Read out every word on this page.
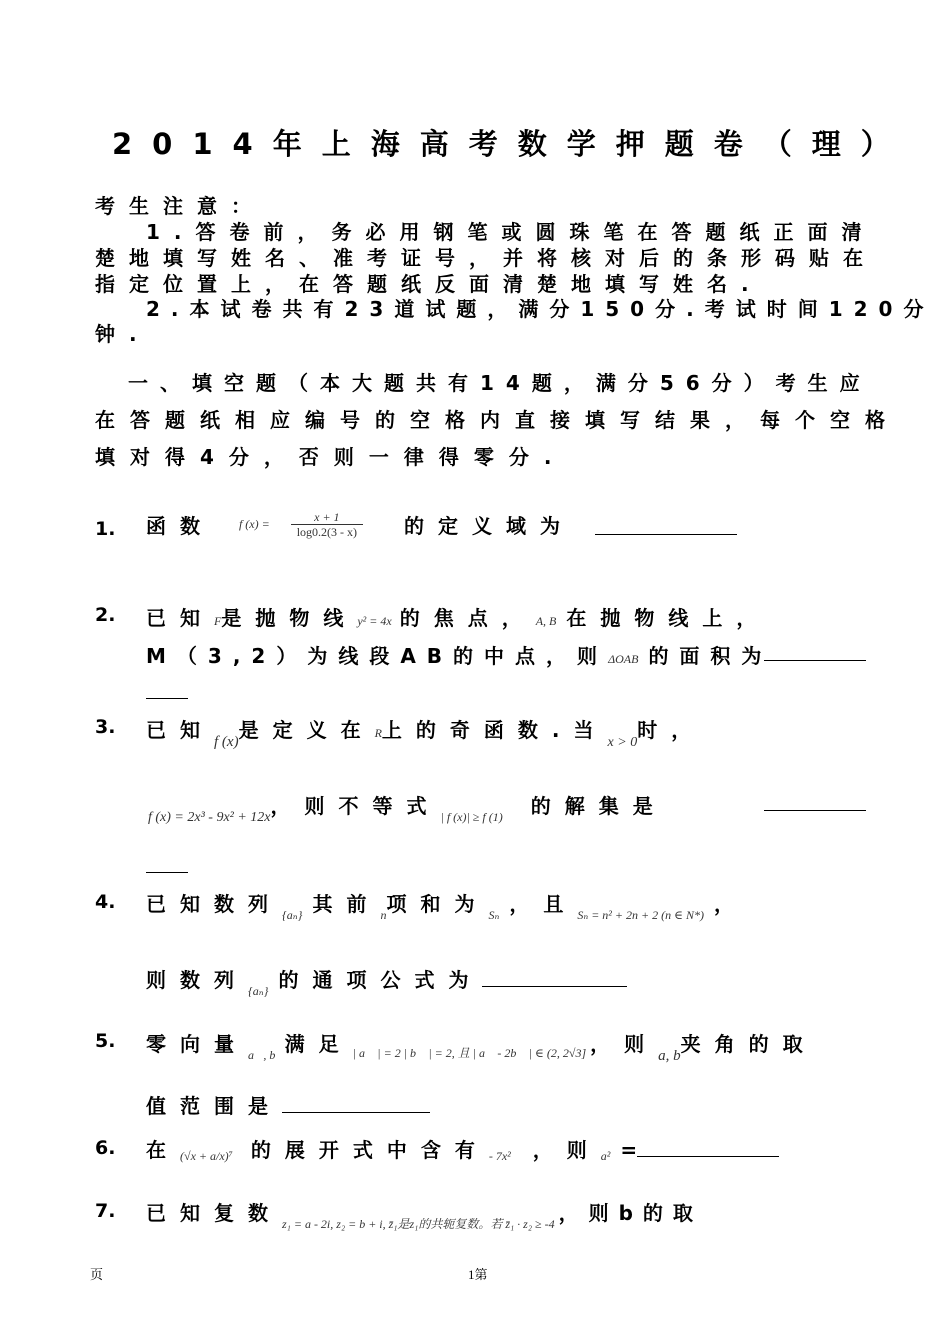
2014年上海高考数学押题卷（理）
考生注意：
1.答卷前，务必用钢笔或圆珠笔在答题纸正面清
楚地填写姓名、准考证号，并将核对后的条形码贴在
指定位置上，在答题纸反面清楚地填写姓名.
2.本试卷共有23道试题，满分150分.考试时间120分
钟.
一、填空题（本大题共有14题，满分56分）考生应
在答题纸相应编号的空格内直接填写结果，每个空格
填对得4分，否则一律得零分.
1. 函数 f $(x) = \frac{x + 1}{\log 0.2(3 - x)}$ 的定义域为
2. 已知F是抛物线y² = 4x 的焦点，A, B 在抛物线上，
M（3,2）为线段AB的中点，则ΔOAB 的面积为
3. 已知$_{f (x)}$是定义在R上的奇函数.当$_{x > 0}$时，
$_{f (x) = 2x^3 - 9x^2 + 12x}$，则不等式$_{| f (x)| \ge f (1)}$ 的解集是
4. 已知数列$_{\{a_n\}}$ 其前$_n$项和为$_{S_n}$ ，且$_{S_n = n^2 + 2n + 2 (n \in N*)}$ ，
则数列$_{\{a_n\}}$ 的通项公式为
5. 零向量$_{a⃗, b⃗}$满足$_{| a⃗ | = 2 | b⃗ | = 2, 且 | a⃗ - 2b⃗ | \in (2, 2√3]}$ ，则$_{a, b}$夹角的取
值范围是
6. 在(√x + a/x)⁷ 的展开式中含有- 7x² ，则a² =
7. 已知复数$_{z_1 = a - 2i, z_2 = b + i, z̄_1是z_1的共轭复数。若 z̄_1 \cdot z_2 \ge -4}$ ，则b的取
页	1第
